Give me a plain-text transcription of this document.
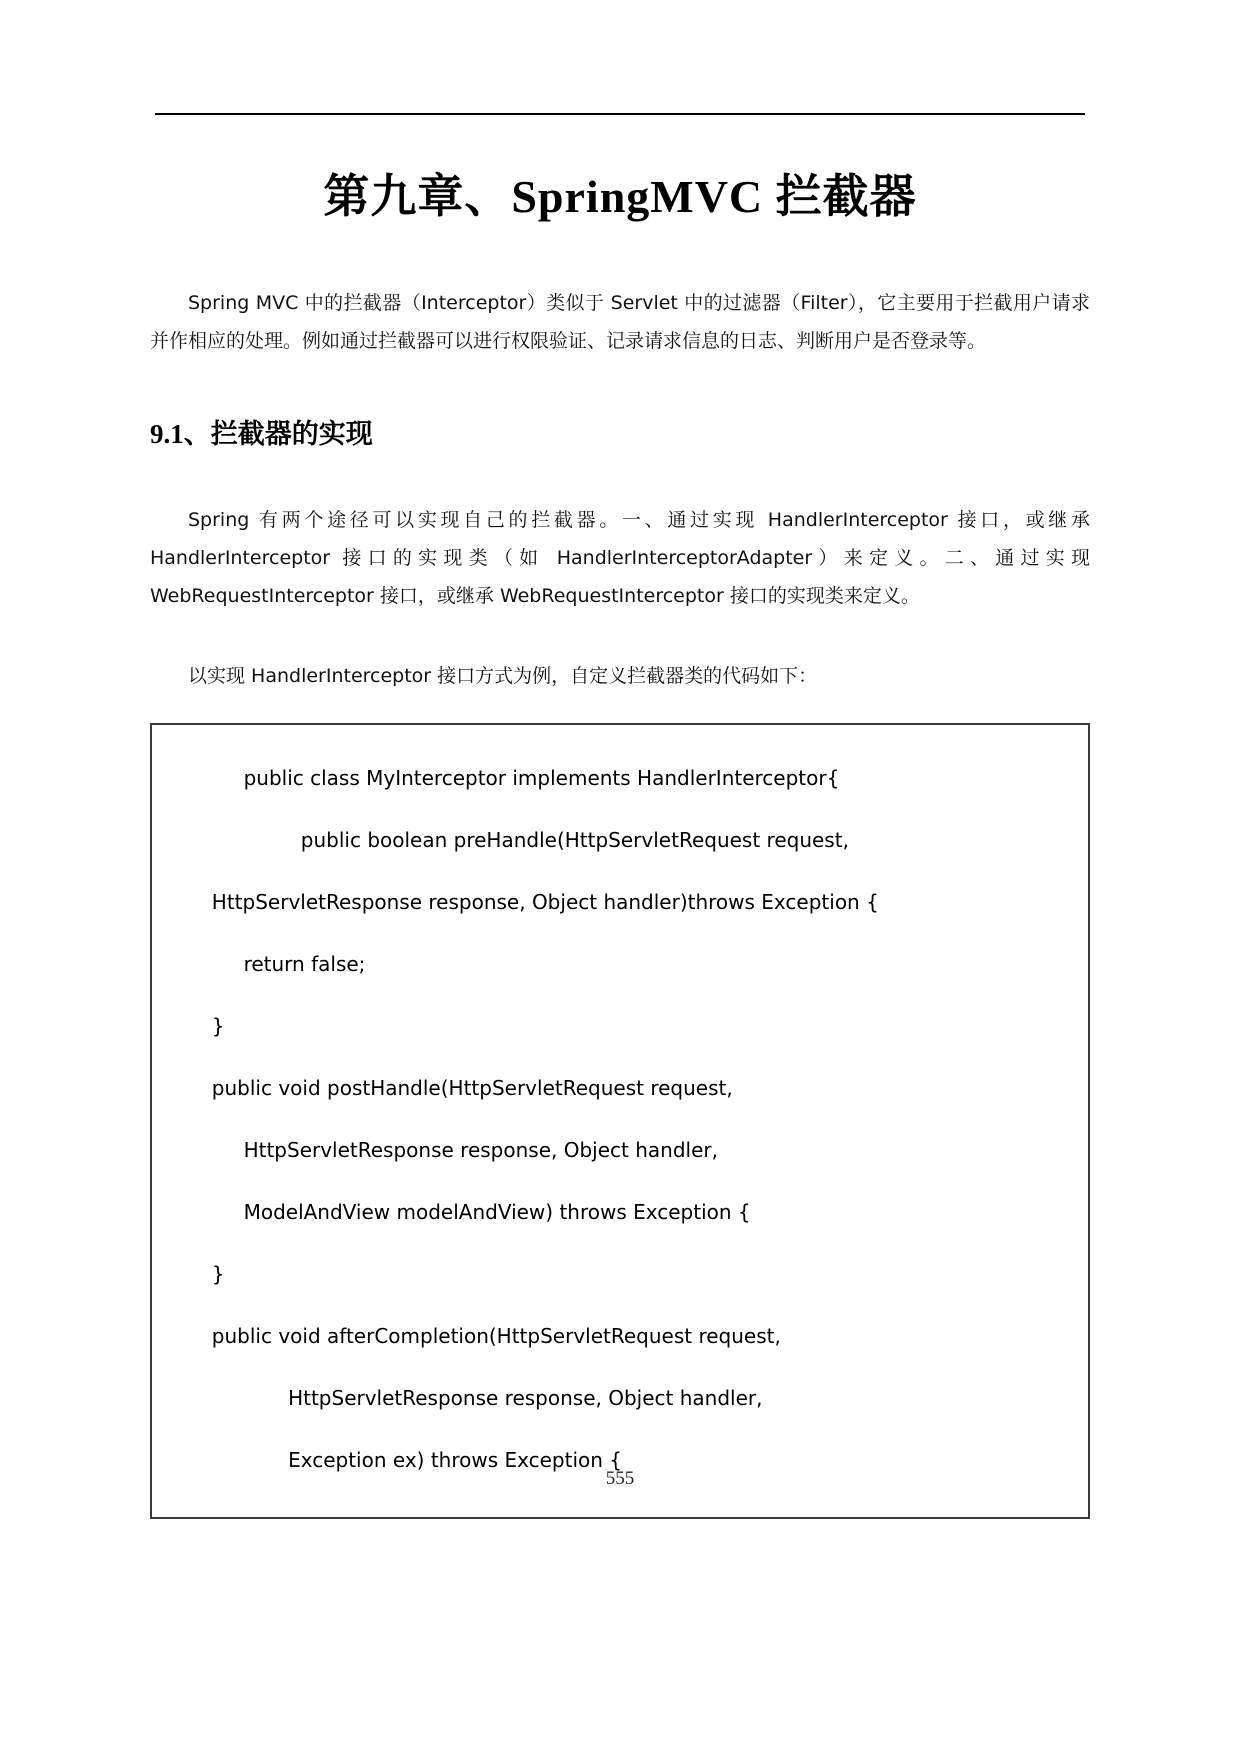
第九章、SpringMVC 拦截器

Spring MVC 中的拦截器（Interceptor）类似于 Servlet 中的过滤器（Filter），它主要用于拦截用户请求并作相应的处理。例如通过拦截器可以进行权限验证、记录请求信息的日志、判断用户是否登录等。

9.1、拦截器的实现

Spring 有两个途径可以实现自己的拦截器。一、通过实现 HandlerInterceptor 接口，或继承 HandlerInterceptor 接口的实现类（如 HandlerInterceptorAdapter）来定义。二、通过实现 WebRequestInterceptor 接口，或继承 WebRequestInterceptor 接口的实现类来定义。

以实现 HandlerInterceptor 接口方式为例，自定义拦截器类的代码如下：

public class MyInterceptor implements HandlerInterceptor{
public boolean preHandle(HttpServletRequest request,
HttpServletResponse response, Object handler)throws Exception {
return false;
}
public void postHandle(HttpServletRequest request,
HttpServletResponse response, Object handler,
ModelAndView modelAndView) throws Exception {
}
public void afterCompletion(HttpServletRequest request,
HttpServletResponse response, Object handler,
Exception ex) throws Exception {
555
